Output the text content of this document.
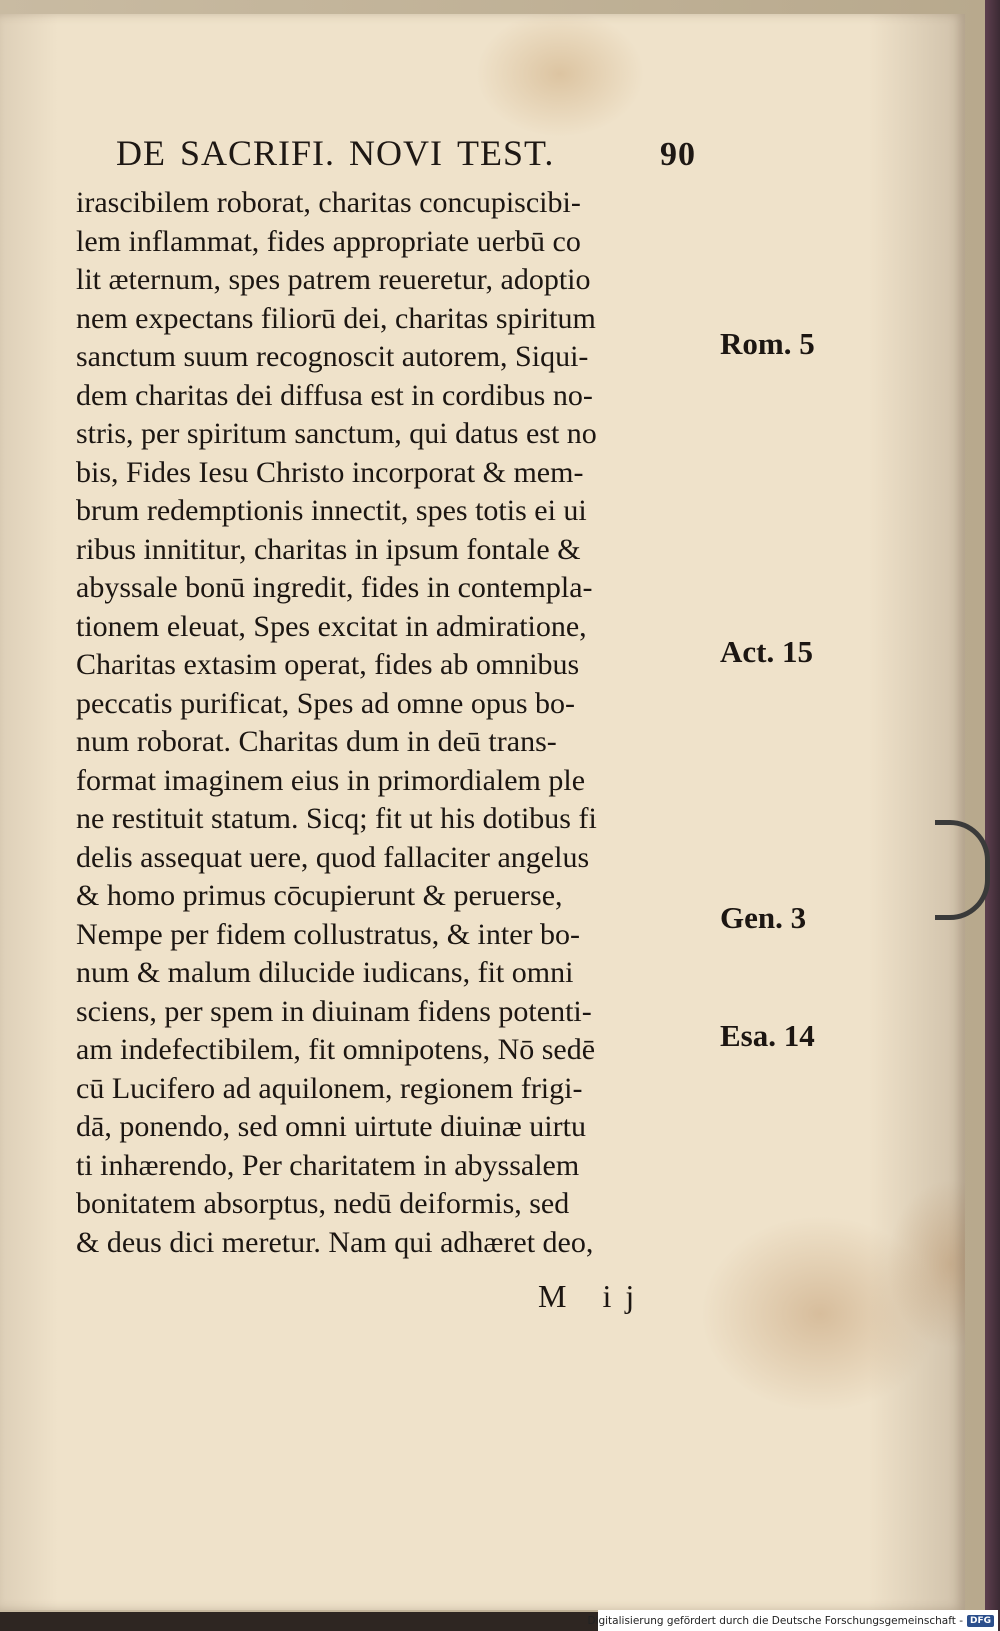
DE SACRIFI. NOVI TEST.	90
irascibilem roborat, charitas concupiscibi-
lem inflammat, fides appropriate uerbū co
lit æternum, spes patrem reueretur, adoptio
nem expectans filiorū dei, charitas spiritum
sanctum suum recognoscit autorem, Siqui-
dem charitas dei diffusa est in cordibus no-
stris, per spiritum sanctum, qui datus est no
bis, Fides Iesu Christo incorporat & mem-
brum redemptionis innectit, spes totis ei ui
ribus innititur, charitas in ipsum fontale &
abyssale bonū ingredit, fides in contempla-
tionem eleuat, Spes excitat in admiratione,
Charitas extasim operat, fides ab omnibus
peccatis purificat, Spes ad omne opus bo-
num roborat. Charitas dum in deū trans-
format imaginem eius in primordialem ple
ne restituit statum. Sicq; fit ut his dotibus fi
delis assequat uere, quod fallaciter angelus
& homo primus cōcupierunt & peruerse,
Nempe per fidem collustratus, & inter bo-
num & malum dilucide iudicans, fit omni
sciens, per spem in diuinam fidens potenti-
am indefectibilem, fit omnipotens, Nō sedē
cū Lucifero ad aquilonem, regionem frigi-
dā, ponendo, sed omni uirtute diuinæ uirtu
ti inhærendo, Per charitatem in abyssalem
bonitatem absorptus, nedū deiformis, sed
& deus dici meretur. Nam qui adhæret deo,
Rom. 5
Act. 15
Gen. 3
Esa. 14
M ij
Digitalisierung gefördert durch die Deutsche Forschungsgemeinschaft - DFG
